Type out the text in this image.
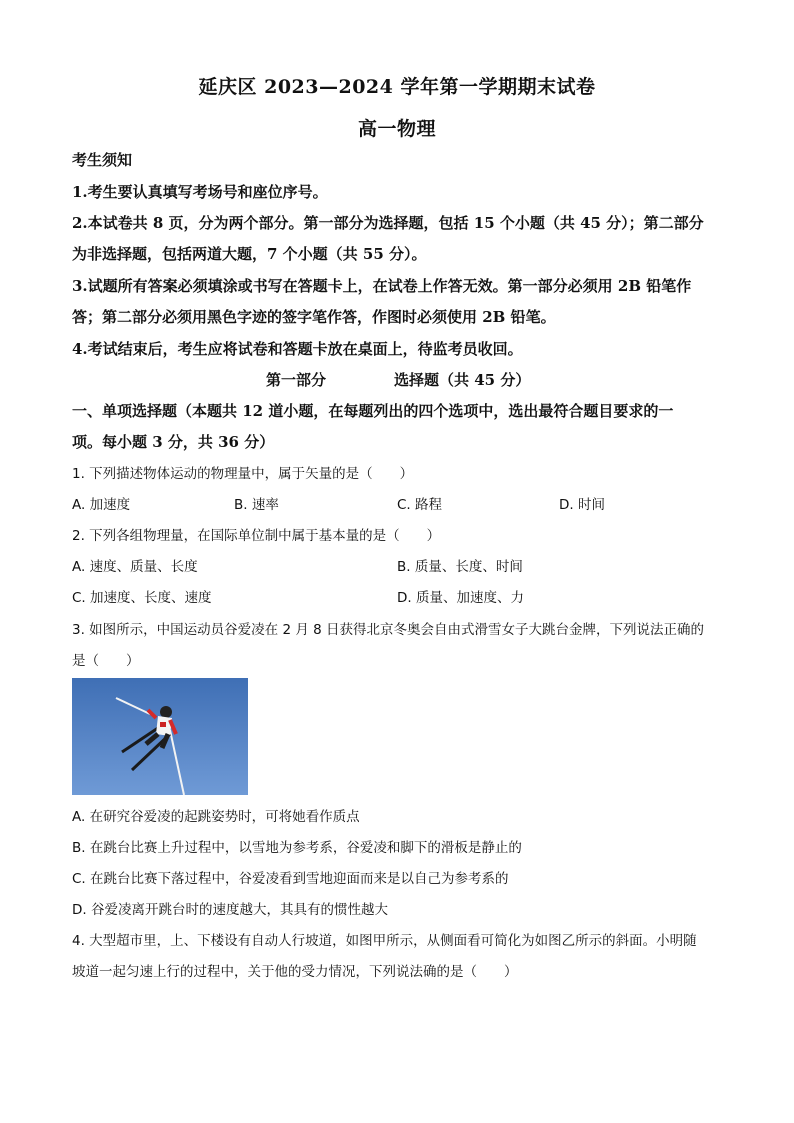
延庆区 2023—2024 学年第一学期期末试卷
高一物理
考生须知
1.考生要认真填写考场号和座位序号。
2.本试卷共 8 页，分为两个部分。第一部分为选择题，包括 15 个小题（共 45 分）；第二部分
为非选择题，包括两道大题，7 个小题（共 55 分）。
3.试题所有答案必须填涂或书写在答题卡上，在试卷上作答无效。第一部分必须用 2B 铅笔作
答；第二部分必须用黑色字迹的签字笔作答，作图时必须使用 2B 铅笔。
4.考试结束后，考生应将试卷和答题卡放在桌面上，待监考员收回。
第一部分	选择题（共 45 分）
一、单项选择题（本题共 12 道小题，在每题列出的四个选项中，选出最符合题目要求的一
项。每小题 3 分，共 36 分）
1. 下列描述物体运动的物理量中，属于矢量的是（　　）
A. 加速度	B. 速率	C. 路程	D. 时间
2. 下列各组物理量，在国际单位制中属于基本量的是（　　）
A. 速度、质量、长度	B. 质量、长度、时间
C. 加速度、长度、速度	D. 质量、加速度、力
3. 如图所示，中国运动员谷爱凌在 2 月 8 日获得北京冬奥会自由式滑雪女子大跳台金牌，下列说法正确的
是（　　）
A. 在研究谷爱凌的起跳姿势时，可将她看作质点
B. 在跳台比赛上升过程中，以雪地为参考系，谷爱凌和脚下的滑板是静止的
C. 在跳台比赛下落过程中，谷爱凌看到雪地迎面而来是以自己为参考系的
D. 谷爱凌离开跳台时的速度越大，其具有的惯性越大
4. 大型超市里，上、下楼设有自动人行坡道，如图甲所示，从侧面看可简化为如图乙所示的斜面。小明随
坡道一起匀速上行的过程中，关于他的受力情况，下列说法确的是（　　）
